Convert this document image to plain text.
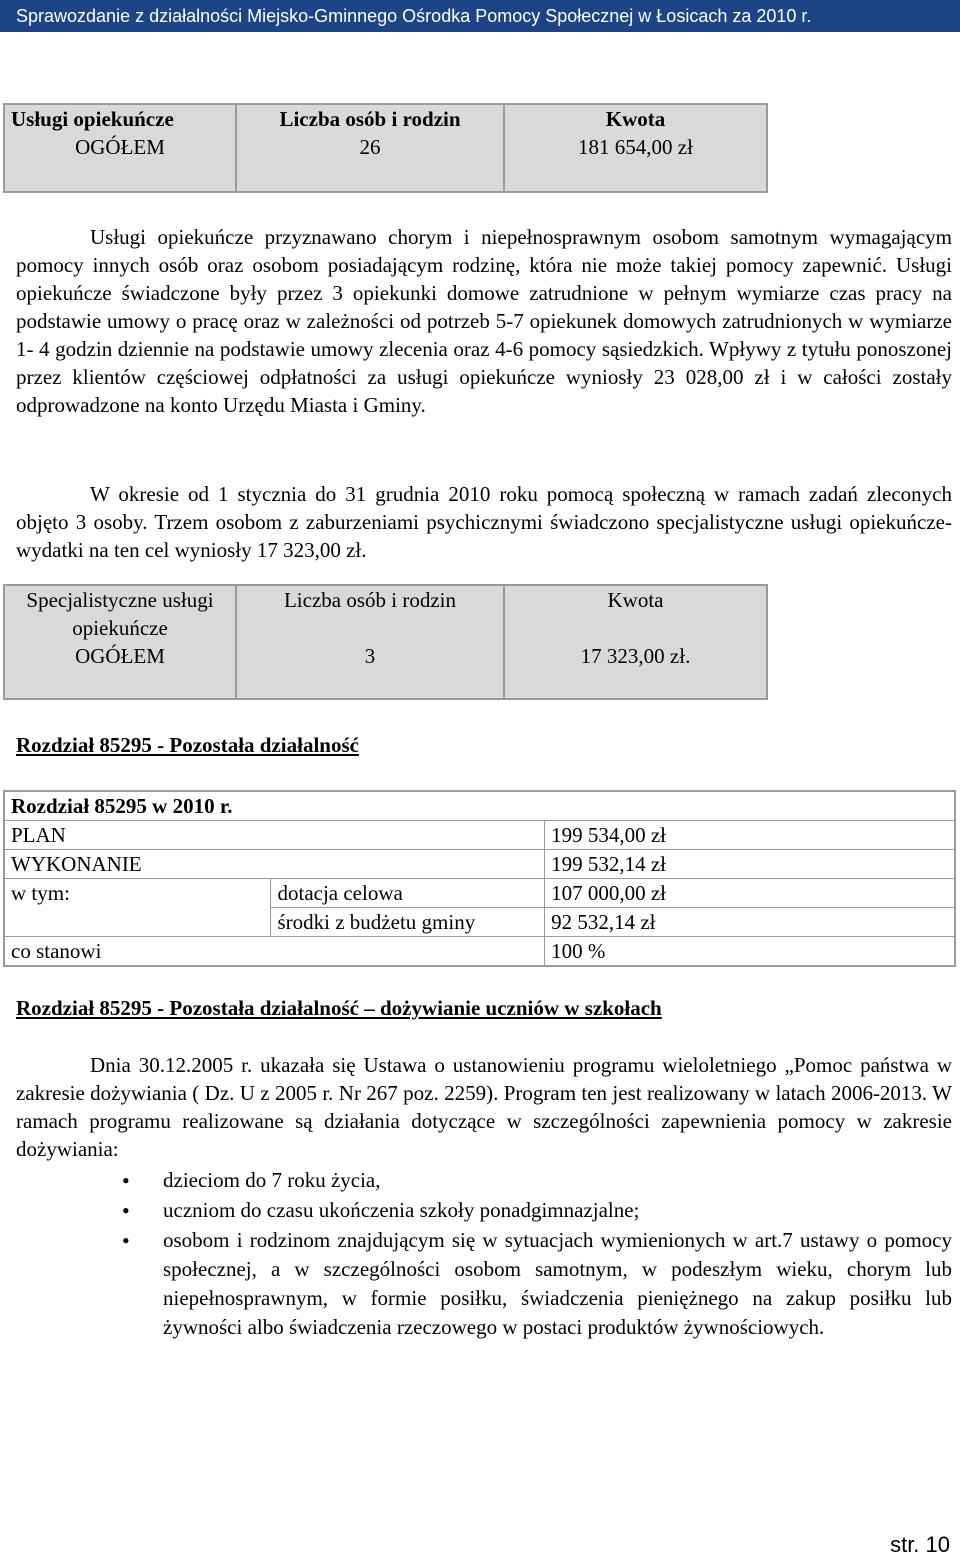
Sprawozdanie z działalności Miejsko-Gminnego Ośrodka Pomocy Społecznej w Łosicach za 2010 r.
Usługi opiekuńcze	Liczba osób i rodzin	Kwota
OGÓŁEM	26	181 654,00 zł
Usługi opiekuńcze przyznawano chorym i niepełnosprawnym osobom samotnym wymagającym pomocy innych osób oraz osobom posiadającym rodzinę, która nie może takiej pomocy zapewnić. Usługi opiekuńcze świadczone były przez 3 opiekunki domowe zatrudnione w pełnym wymiarze czas pracy na podstawie umowy o pracę oraz w zależności od potrzeb 5-7 opiekunek domowych zatrudnionych w wymiarze 1- 4 godzin dziennie na podstawie umowy zlecenia oraz 4-6 pomocy sąsiedzkich. Wpływy z tytułu ponoszonej przez klientów częściowej odpłatności za usługi opiekuńcze wyniosły 23 028,00 zł i w całości zostały odprowadzone na konto Urzędu Miasta i Gminy.
W okresie od 1 stycznia do 31 grudnia 2010 roku pomocą społeczną w ramach zadań zleconych objęto 3 osoby. Trzem osobom z zaburzeniami psychicznymi świadczono specjalistyczne usługi opiekuńcze- wydatki na ten cel wyniosły 17 323,00 zł.
Specjalistyczne usługi opiekuńcze	Liczba osób i rodzin	Kwota
OGÓŁEM	3	17 323,00 zł.
Rozdział 85295 - Pozostała działalność
Rozdział 85295 w 2010 r.		
PLAN		199 534,00 zł
WYKONANIE		199 532,14 zł
w tym:	dotacja celowa	107 000,00 zł
	środki z budżetu gminy	92 532,14 zł
co stanowi		100 %
Rozdział 85295 - Pozostała działalność – dożywianie uczniów w szkołach
Dnia 30.12.2005 r. ukazała się Ustawa o ustanowieniu programu wieloletniego „Pomoc państwa w zakresie dożywiania ( Dz. U z 2005 r. Nr 267 poz. 2259). Program ten jest realizowany w latach 2006-2013. W ramach programu realizowane są działania dotyczące w szczególności zapewnienia pomocy w zakresie dożywiania:
• dzieciom do 7 roku życia,
• uczniom do czasu ukończenia szkoły ponadgimnazjalne;
• osobom i rodzinom znajdującym się w sytuacjach wymienionych w art.7 ustawy o pomocy społecznej, a w szczególności osobom samotnym, w podeszłym wieku, chorym lub niepełnosprawnym, w formie posiłku, świadczenia pieniężnego na zakup posiłku lub żywności albo świadczenia rzeczowego w postaci produktów żywnościowych.
str. 10
